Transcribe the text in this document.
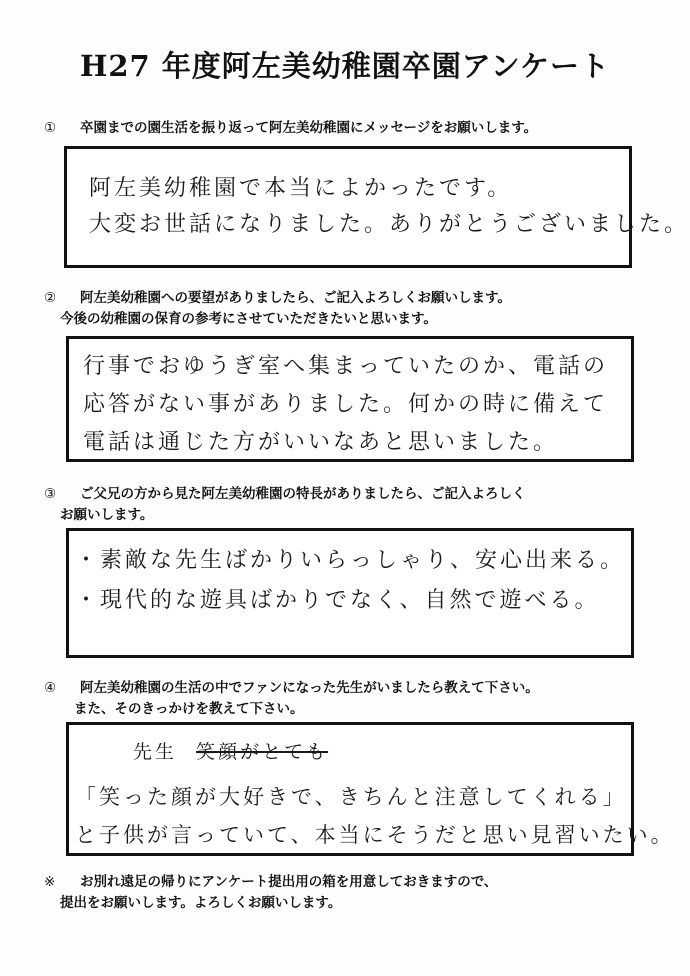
H27 年度阿左美幼稚園卒園アンケート
① 卒園までの園生活を振り返って阿左美幼稚園にメッセージをお願いします。
阿左美幼稚園で本当によかったです。
大変お世話になりました。ありがとうございました。
② 阿左美幼稚園への要望がありましたら、ご記入よろしくお願いします。
今後の幼稚園の保育の参考にさせていただきたいと思います。
行事でおゆうぎ室へ集まっていたのか、電話の
応答がない事がありました。何かの時に備えて
電話は通じた方がいいなあと思いました。
③ ご父兄の方から見た阿左美幼稚園の特長がありましたら、ご記入よろしく
お願いします。
・素敵な先生ばかりいらっしゃり、安心出来る。
・現代的な遊具ばかりでなく、自然で遊べる。
④ 阿左美幼稚園の生活の中でファンになった先生がいましたら教えて下さい。
また、そのきっかけを教えて下さい。
先生 笑顔がとても
「笑った顔が大好きで、きちんと注意してくれる」
と子供が言っていて、本当にそうだと思い見習いたい。
※ お別れ遠足の帰りにアンケート提出用の箱を用意しておきますので、
提出をお願いします。よろしくお願いします。
